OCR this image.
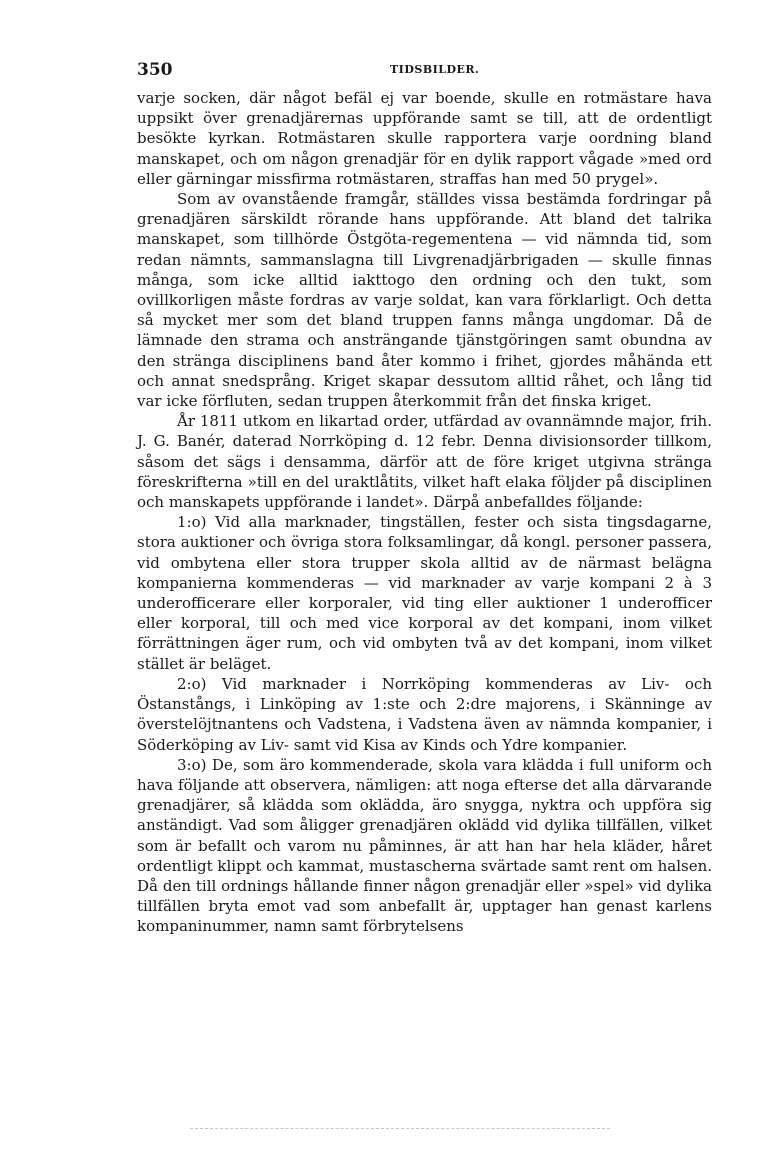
350	TIDSBILDER.

varje socken, där något befäl ej var boende, skulle en rotmästare hava uppsikt över grenadjärernas uppförande samt se till, att de ordentligt besökte kyrkan. Rotmästaren skulle rapportera varje oordning bland manskapet, och om någon grenadjär för en dylik rapport vågade »med ord eller gärningar missfirma rotmästaren, straffas han med 50 prygel».

Som av ovanstående framgår, ställdes vissa bestämda fordringar på grenadjären särskildt rörande hans uppförande. Att bland det talrika manskapet, som tillhörde Östgöta-regementena — vid nämnda tid, som redan nämnts, sammanslagna till Livgrenadjärbrigaden — skulle finnas många, som icke alltid iakttogo den ordning och den tukt, som ovillkorligen måste fordras av varje soldat, kan vara förklarligt. Och detta så mycket mer som det bland truppen fanns många ungdomar. Då de lämnade den strama och ansträngande tjänstgöringen samt obundna av den stränga disciplinens band åter kommo i frihet, gjordes måhända ett och annat snedsprång. Kriget skapar dessutom alltid råhet, och lång tid var icke förfluten, sedan truppen återkommit från det finska kriget.

År 1811 utkom en likartad order, utfärdad av ovannämnde major, frih. J. G. Banér, daterad Norrköping d. 12 febr. Denna divisionsorder tillkom, såsom det sägs i densamma, därför att de före kriget utgivna stränga föreskrifterna »till en del uraktlåtits, vilket haft elaka följder på disciplinen och manskapets uppförande i landet». Därpå anbefalldes följande:

1:o) Vid alla marknader, tingställen, fester och sista tingsdagarne, stora auktioner och övriga stora folksamlingar, då kongl. personer passera, vid ombytena eller stora trupper skola alltid av de närmast belägna kompanierna kommenderas — vid marknader av varje kompani 2 à 3 underofficerare eller korporaler, vid ting eller auktioner 1 underofficer eller korporal, till och med vice korporal av det kompani, inom vilket förrättningen äger rum, och vid ombyten två av det kompani, inom vilket stället är beläget.

2:o) Vid marknader i Norrköping kommenderas av Liv- och Östanstångs, i Linköping av 1:ste och 2:dre majorens, i Skänninge av överstelöjtnantens och Vadstena, i Vadstena även av nämnda kompanier, i Söderköping av Liv- samt vid Kisa av Kinds och Ydre kompanier.

3:o) De, som äro kommenderade, skola vara klädda i full uniform och hava följande att observera, nämligen: att noga efterse det alla därvarande grenadjärer, så klädda som oklädda, äro snygga, nyktra och uppföra sig anständigt. Vad som åligger grenadjären oklädd vid dylika tillfällen, vilket som är befallt och varom nu påminnes, är att han har hela kläder, håret ordentligt klippt och kammat, mustascherna svärtade samt rent om halsen. Då den till ordnings hållande finner någon grenadjär eller »spel» vid dylika tillfällen bryta emot vad som anbefallt är, upptager han genast karlens kompaninummer, namn samt förbrytelsens
